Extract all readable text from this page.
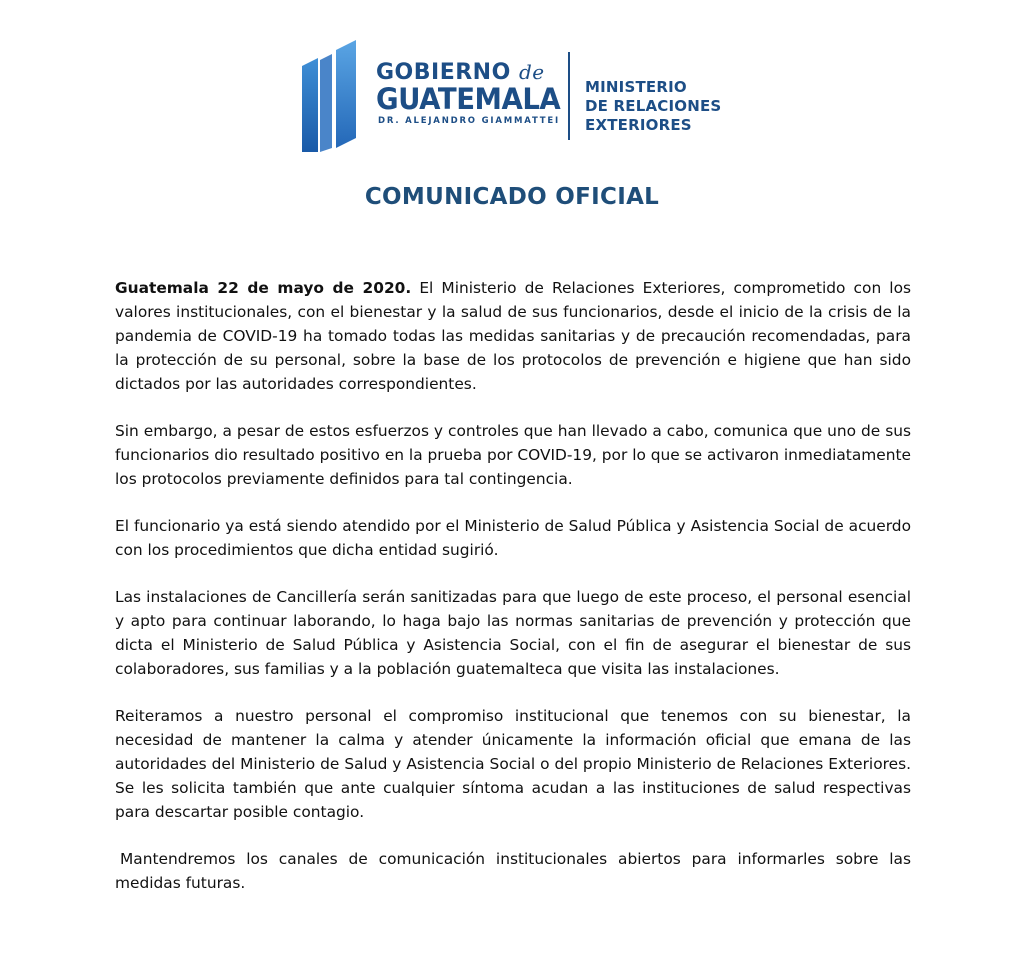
GOBIERNO de
GUATEMALA
DR. ALEJANDRO GIAMMATTEI
MINISTERIO
DE RELACIONES
EXTERIORES
COMUNICADO OFICIAL

Guatemala 22 de mayo de 2020. El Ministerio de Relaciones Exteriores, comprometido con los valores institucionales, con el bienestar y la salud de sus funcionarios, desde el inicio de la crisis de la pandemia de COVID-19 ha tomado todas las medidas sanitarias y de precaución recomendadas, para la protección de su personal, sobre la base de los protocolos de prevención e higiene que han sido dictados por las autoridades correspondientes.

Sin embargo, a pesar de estos esfuerzos y controles que han llevado a cabo, comunica que uno de sus funcionarios dio resultado positivo en la prueba por COVID-19, por lo que se activaron inmediatamente los protocolos previamente definidos para tal contingencia.

El funcionario ya está siendo atendido por el Ministerio de Salud Pública y Asistencia Social de acuerdo con los procedimientos que dicha entidad sugirió.

Las instalaciones de Cancillería serán sanitizadas para que luego de este proceso, el personal esencial y apto para continuar laborando, lo haga bajo las normas sanitarias de prevención y protección que dicta el Ministerio de Salud Pública y Asistencia Social, con el fin de asegurar el bienestar de sus colaboradores, sus familias y a la población guatemalteca que visita las instalaciones.

Reiteramos a nuestro personal el compromiso institucional que tenemos con su bienestar, la necesidad de mantener la calma y atender únicamente la información oficial que emana de las autoridades del Ministerio de Salud y Asistencia Social o del propio Ministerio de Relaciones Exteriores. Se les solicita también que ante cualquier síntoma acudan a las instituciones de salud respectivas para descartar posible contagio.

Mantendremos los canales de comunicación institucionales abiertos para informarles sobre las medidas futuras.
